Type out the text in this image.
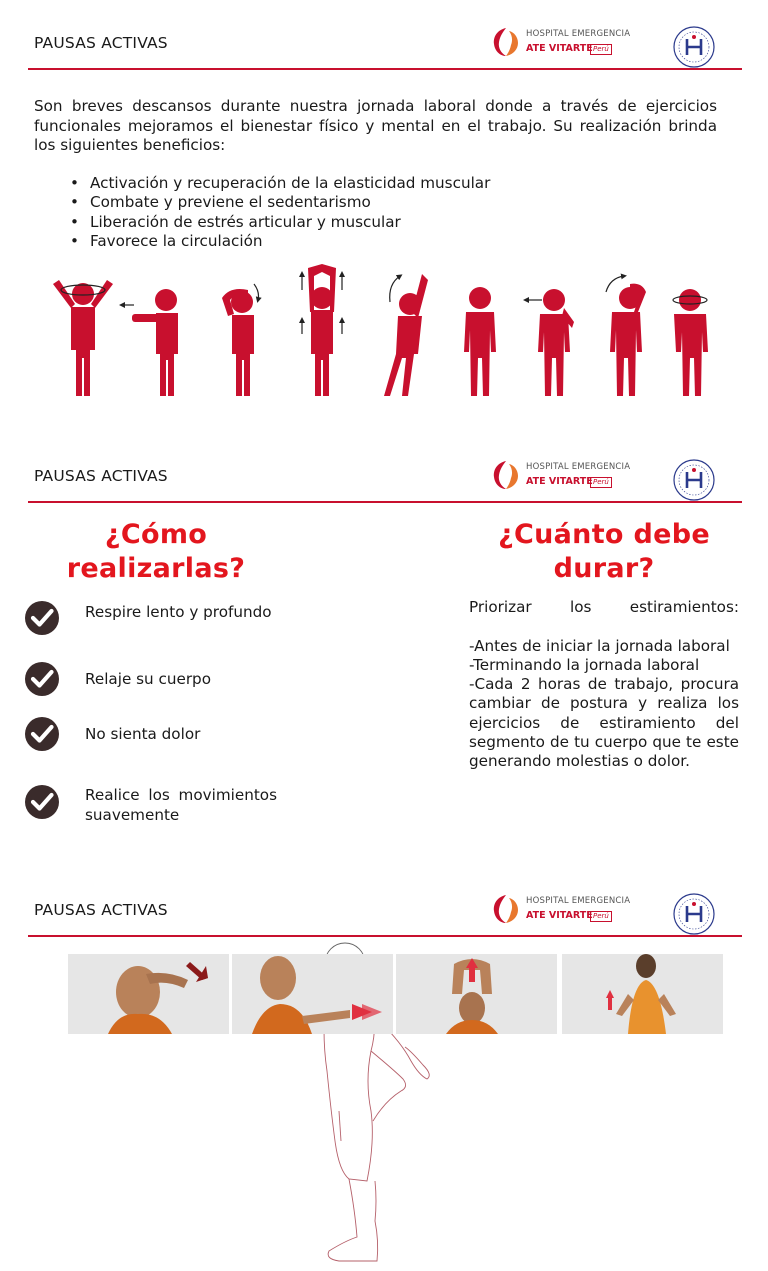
PAUSAS ACTIVAS	HOSPITAL EMERGENCIA
ATE VITARTE Perú
Son breves descansos durante nuestra jornada laboral donde a través de ejercicios funcionales mejoramos el bienestar físico y mental en el trabajo. Su realización brinda los siguientes beneficios:
• Activación y recuperación de la elasticidad muscular
• Combate y previene el sedentarismo
• Liberación de estrés articular y muscular
• Favorece la circulación
PAUSAS ACTIVAS	HOSPITAL EMERGENCIA
ATE VITARTE Perú
¿Cómo
realizarlas?
Respire lento y profundo
Relaje su cuerpo
No sienta dolor
Realice los movimientos suavemente
¿Cuánto debe
durar?

Priorizar los estiramientos:

-Antes de iniciar la jornada laboral

-Terminando la jornada laboral

-Cada 2 horas de trabajo, procura cambiar de postura y realiza los ejercicios de estiramiento del segmento de tu cuerpo que te este generando molestias o dolor.

PAUSAS ACTIVAS	HOSPITAL EMERGENCIA
ATE VITARTE Perú
